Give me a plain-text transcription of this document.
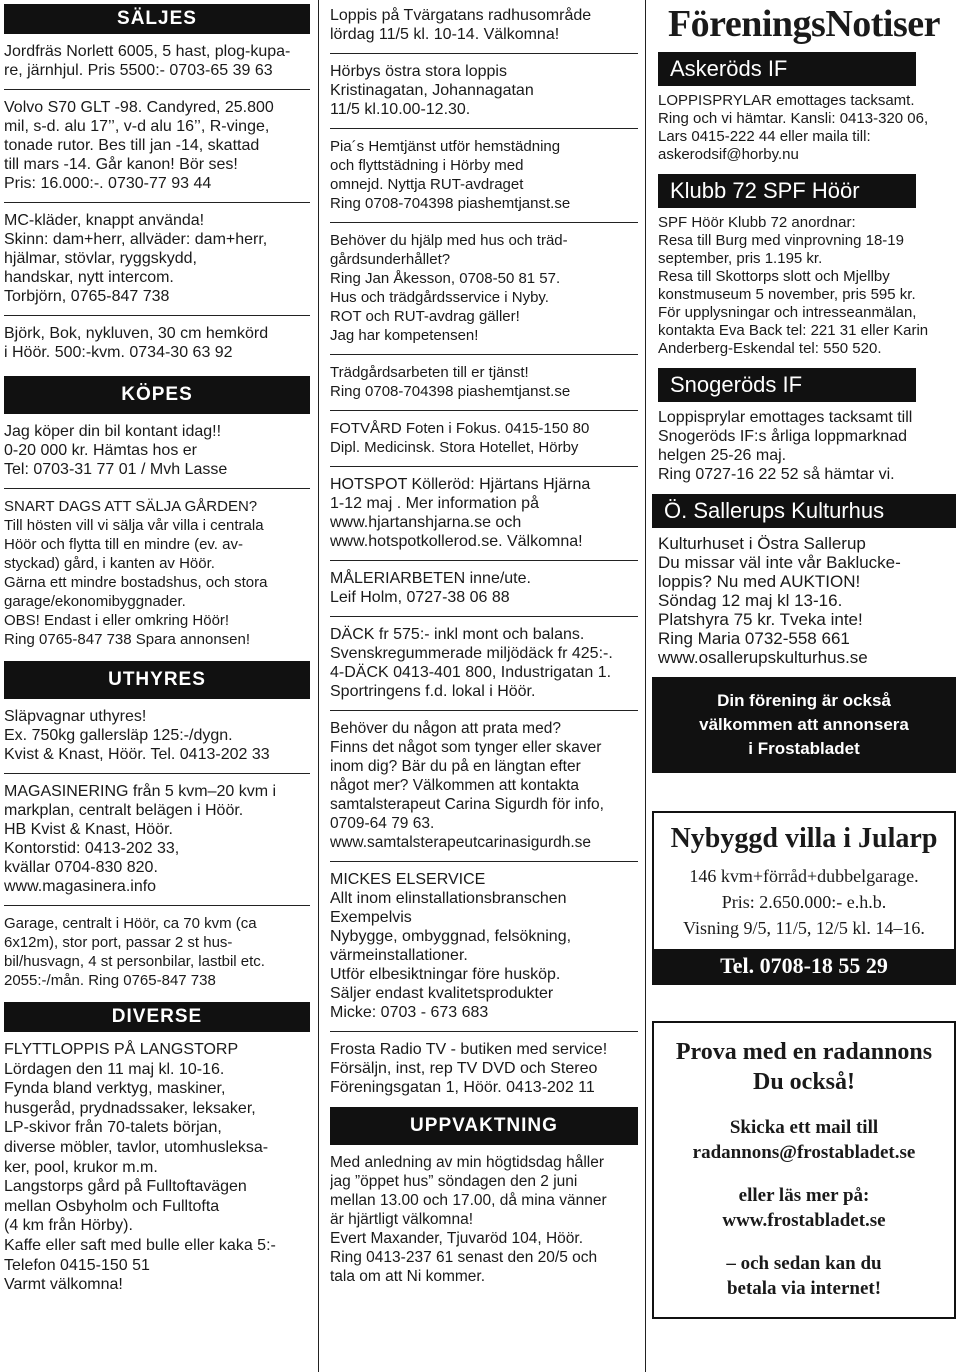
SÄLJES
Jordfräs Norlett 6005, 5 hast, plog-kupa-
re, järnhjul. Pris 5500:- 0703-65 39 63
Volvo S70 GLT -98. Candyred, 25.800
mil, s-d. alu 17’’, v-d alu 16’’, R-vinge,
tonade rutor. Bes till jan -14, skattad
till mars -14. Går kanon! Bör ses!
Pris: 16.000:-. 0730-77 93 44
MC-kläder, knappt använda!
Skinn: dam+herr, allväder: dam+herr,
hjälmar, stövlar, ryggskydd,
handskar, nytt intercom.
Torbjörn, 0765-847 738
Björk, Bok, nykluven, 30 cm hemkörd
i Höör. 500:-kvm. 0734-30 63 92
KÖPES
Jag köper din bil kontant idag!!
0-20 000 kr. Hämtas hos er
Tel: 0703-31 77 01 / Mvh Lasse
SNART DAGS ATT SÄLJA GÅRDEN?
Till hösten vill vi sälja vår villa i centrala
Höör och flytta till en mindre (ev. av-
styckad) gård, i kanten av Höör.
Gärna ett mindre bostadshus, och stora
garage/ekonomibyggnader.
OBS! Endast i eller omkring Höör!
Ring 0765-847 738 Spara annonsen!
UTHYRES
Släpvagnar uthyres!
Ex. 750kg gallersläp 125:-/dygn.
Kvist & Knast, Höör. Tel. 0413-202 33
MAGASINERING från 5 kvm–20 kvm i
markplan, centralt belägen i Höör.
HB Kvist & Knast, Höör.
Kontorstid: 0413-202 33,
kvällar 0704-830 820.
www.magasinera.info
Garage, centralt i Höör, ca 70 kvm (ca
6x12m), stor port, passar 2 st hus-
bil/husvagn, 4 st personbilar, lastbil etc.
2055:-/mån. Ring 0765-847 738
DIVERSE
FLYTTLOPPIS PÅ LANGSTORP
Lördagen den 11 maj kl. 10-16.
Fynda bland verktyg, maskiner,
husgeråd, prydnadssaker, leksaker,
LP-skivor från 70-talets början,
diverse möbler, tavlor, utomhusleksa-
ker, pool, krukor m.m.
Langstorps gård på Fulltoftavägen
mellan Osbyholm och Fulltofta
(4 km från Hörby).
Kaffe eller saft med bulle eller kaka 5:-
Telefon 0415-150 51
Varmt välkomna!
Loppis på Tvärgatans radhusområde
lördag 11/5 kl. 10-14. Välkomna!
Hörbys östra stora loppis
Kristinagatan, Johannagatan
11/5 kl.10.00-12.30.
Pia´s Hemtjänst utför hemstädning
och flyttstädning i Hörby med
omnejd. Nyttja RUT-avdraget
Ring 0708-704398 piashemtjanst.se
Behöver du hjälp med hus och träd-
gårdsunderhållet?
Ring Jan Åkesson, 0708-50 81 57.
Hus och trädgårdsservice i Nyby.
ROT och RUT-avdrag gäller!
Jag har kompetensen!
Trädgårdsarbeten till er tjänst!
Ring 0708-704398 piashemtjanst.se
FOTVÅRD Foten i Fokus. 0415-150 80
Dipl. Medicinsk. Stora Hotellet, Hörby
HOTSPOT Kölleröd: Hjärtans Hjärna
1-12 maj . Mer information på
www.hjartanshjarna.se och
www.hotspotkollerod.se. Välkomna!
MÅLERIARBETEN inne/ute.
Leif Holm, 0727-38 06 88
DÄCK fr 575:- inkl mont och balans.
Svenskregummerade miljödäck fr 425:-.
4-DÄCK 0413-401 800, Industrigatan 1.
Sportringens f.d. lokal i Höör.
Behöver du någon att prata med?
Finns det något som tynger eller skaver
inom dig? Bär du på en längtan efter
något mer? Välkommen att kontakta
samtalsterapeut Carina Sigurdh för info,
0709-64 79 63.
www.samtalsterapeutcarinasigurdh.se
MICKES ELSERVICE
Allt inom elinstallationsbranschen
Exempelvis
Nybygge, ombyggnad, felsökning,
värmeinstallationer.
Utför elbesiktningar före husköp.
Säljer endast kvalitetsprodukter
Micke: 0703 - 673 683
Frosta Radio TV - butiken med service!
Försäljn, inst, rep TV DVD och Stereo
Föreningsgatan 1, Höör. 0413-202 11
UPPVAKTNING
Med anledning av min högtidsdag håller
jag ”öppet hus” söndagen den 2 juni
mellan 13.00 och 17.00, då mina vänner
är hjärtligt välkomna!
Evert Maxander, Tjuvaröd 104, Höör.
Ring 0413-237 61 senast den 20/5 och
tala om att Ni kommer.
FöreningsNotiser
Askeröds IF
LOPPISPRYLAR emottages tacksamt.
Ring och vi hämtar. Kansli: 0413-320 06,
Lars 0415-222 44 eller maila till:
askerodsif@horby.nu
Klubb 72 SPF Höör
SPF Höör Klubb 72 anordnar:
Resa till Burg med vinprovning 18-19
september, pris 1.195 kr.
Resa till Skottorps slott och Mjellby
konstmuseum 5 november, pris 595 kr.
För upplysningar och intresseanmälan,
kontakta Eva Back tel: 221 31 eller Karin
Anderberg-Eskendal tel: 550 520.
Snogeröds IF
Loppisprylar emottages tacksamt till
Snogeröds IF:s årliga loppmarknad
helgen 25-26 maj.
Ring 0727-16 22 52 så hämtar vi.
Ö. Sallerups Kulturhus
Kulturhuset i Östra Sallerup
Du missar väl inte vår Baklucke-
loppis? Nu med AUKTION!
Söndag 12 maj kl 13-16.
Platshyra 75 kr. Tveka inte!
Ring Maria 0732-558 661
www.osallerupskulturhus.se
Din förening är också
välkommen att annonsera
i Frostabladet
Nybyggd villa i Jularp
146 kvm+förråd+dubbelgarage.
Pris: 2.650.000:- e.h.b.
Visning 9/5, 11/5, 12/5 kl. 14–16.
Tel. 0708-18 55 29
Prova med en radannons
Du också!
Skicka ett mail till
radannons@frostabladet.se
eller läs mer på:
www.frostabladet.se
– och sedan kan du
betala via internet!
